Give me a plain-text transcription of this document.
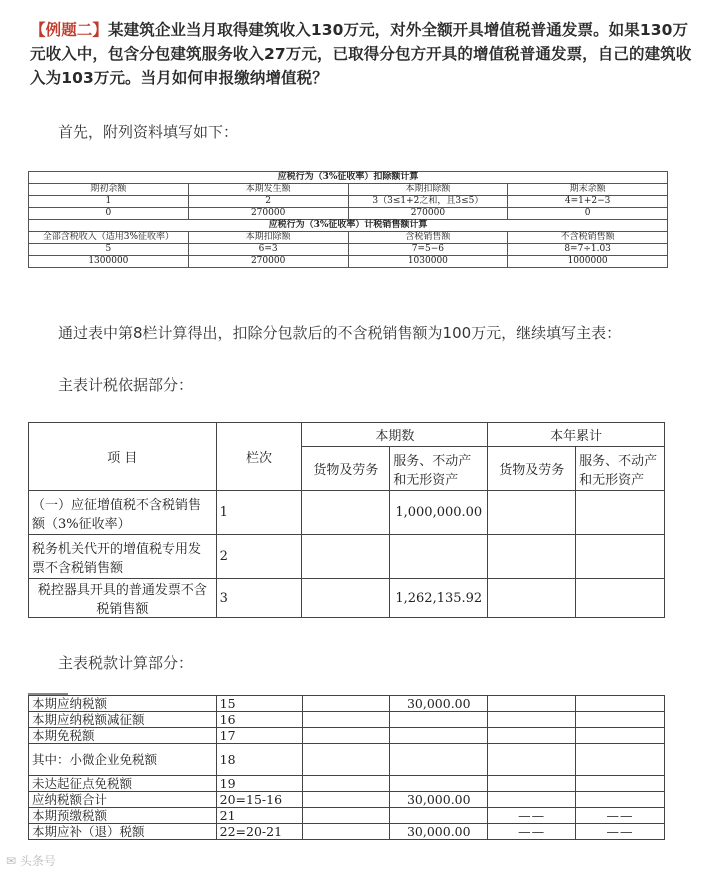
【例题二】某建筑企业当月取得建筑收入130万元，对外全额开具增值税普通发票。如果130万元收入中，包含分包建筑服务收入27万元，已取得分包方开具的增值税普通发票，自己的建筑收入为103万元。当月如何申报缴纳增值税？
首先，附列资料填写如下：
应税行为（3%征收率）扣除额计算			
期初余额	本期发生额	本期扣除额	期末余额
1	2	3（3≤1+2之和，且3≤5）	4=1+2−3
0	270000	270000	0
应税行为（3%征收率）计税销售额计算			
全部含税收入（适用3%征收率）	本期扣除额	含税销售额	不含税销售额
5	6=3	7=5−6	8=7÷1.03
1300000	270000	1030000	1000000
通过表中第8栏计算得出，扣除分包款后的不含税销售额为100万元，继续填写主表：
主表计税依据部分：
项 目	栏次	本期数		本年累计	
		货物及劳务	服务、不动产和无形资产	货物及劳务	服务、不动产和无形资产
（一）应征增值税不含税销售额（3%征收率）	1		1,000,000.00		
税务机关代开的增值税专用发票不含税销售额	2				
税控器具开具的普通发票不含税销售额	3		1,262,135.92		
主表税款计算部分：
本期应纳税额	15		30,000.00		
本期应纳税额减征额	16				
本期免税额	17				
其中：小微企业免税额	18				
未达起征点免税额	19				
应纳税额合计	20=15-16		30,000.00		
本期预缴税额	21			——	——
本期应补（退）税额	22=20-21		30,000.00	——	——
✉ 头条号
